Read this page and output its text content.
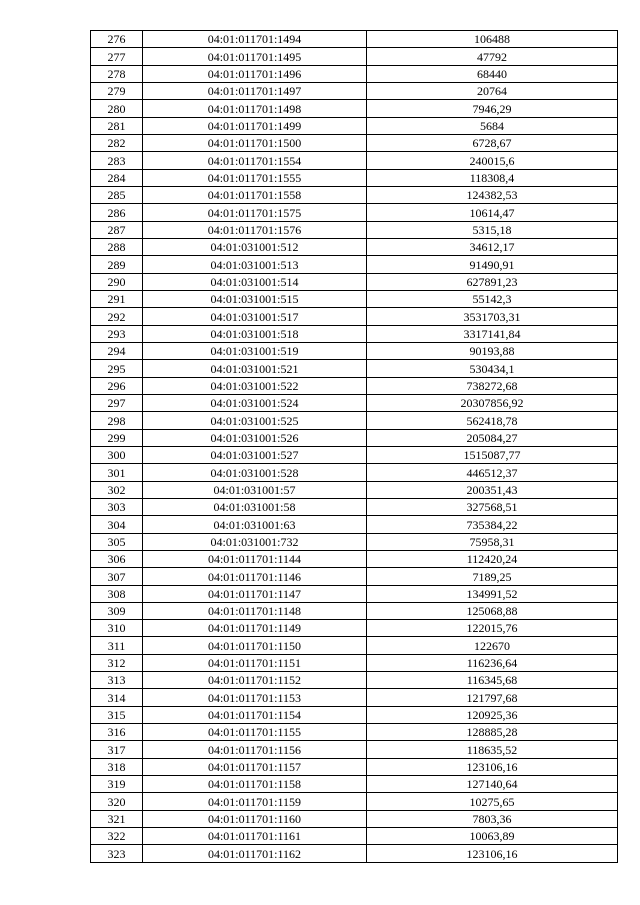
276	04:01:011701:1494	106488
277	04:01:011701:1495	47792
278	04:01:011701:1496	68440
279	04:01:011701:1497	20764
280	04:01:011701:1498	7946,29
281	04:01:011701:1499	5684
282	04:01:011701:1500	6728,67
283	04:01:011701:1554	240015,6
284	04:01:011701:1555	118308,4
285	04:01:011701:1558	124382,53
286	04:01:011701:1575	10614,47
287	04:01:011701:1576	5315,18
288	04:01:031001:512	34612,17
289	04:01:031001:513	91490,91
290	04:01:031001:514	627891,23
291	04:01:031001:515	55142,3
292	04:01:031001:517	3531703,31
293	04:01:031001:518	3317141,84
294	04:01:031001:519	90193,88
295	04:01:031001:521	530434,1
296	04:01:031001:522	738272,68
297	04:01:031001:524	20307856,92
298	04:01:031001:525	562418,78
299	04:01:031001:526	205084,27
300	04:01:031001:527	1515087,77
301	04:01:031001:528	446512,37
302	04:01:031001:57	200351,43
303	04:01:031001:58	327568,51
304	04:01:031001:63	735384,22
305	04:01:031001:732	75958,31
306	04:01:011701:1144	112420,24
307	04:01:011701:1146	7189,25
308	04:01:011701:1147	134991,52
309	04:01:011701:1148	125068,88
310	04:01:011701:1149	122015,76
311	04:01:011701:1150	122670
312	04:01:011701:1151	116236,64
313	04:01:011701:1152	116345,68
314	04:01:011701:1153	121797,68
315	04:01:011701:1154	120925,36
316	04:01:011701:1155	128885,28
317	04:01:011701:1156	118635,52
318	04:01:011701:1157	123106,16
319	04:01:011701:1158	127140,64
320	04:01:011701:1159	10275,65
321	04:01:011701:1160	7803,36
322	04:01:011701:1161	10063,89
323	04:01:011701:1162	123106,16
